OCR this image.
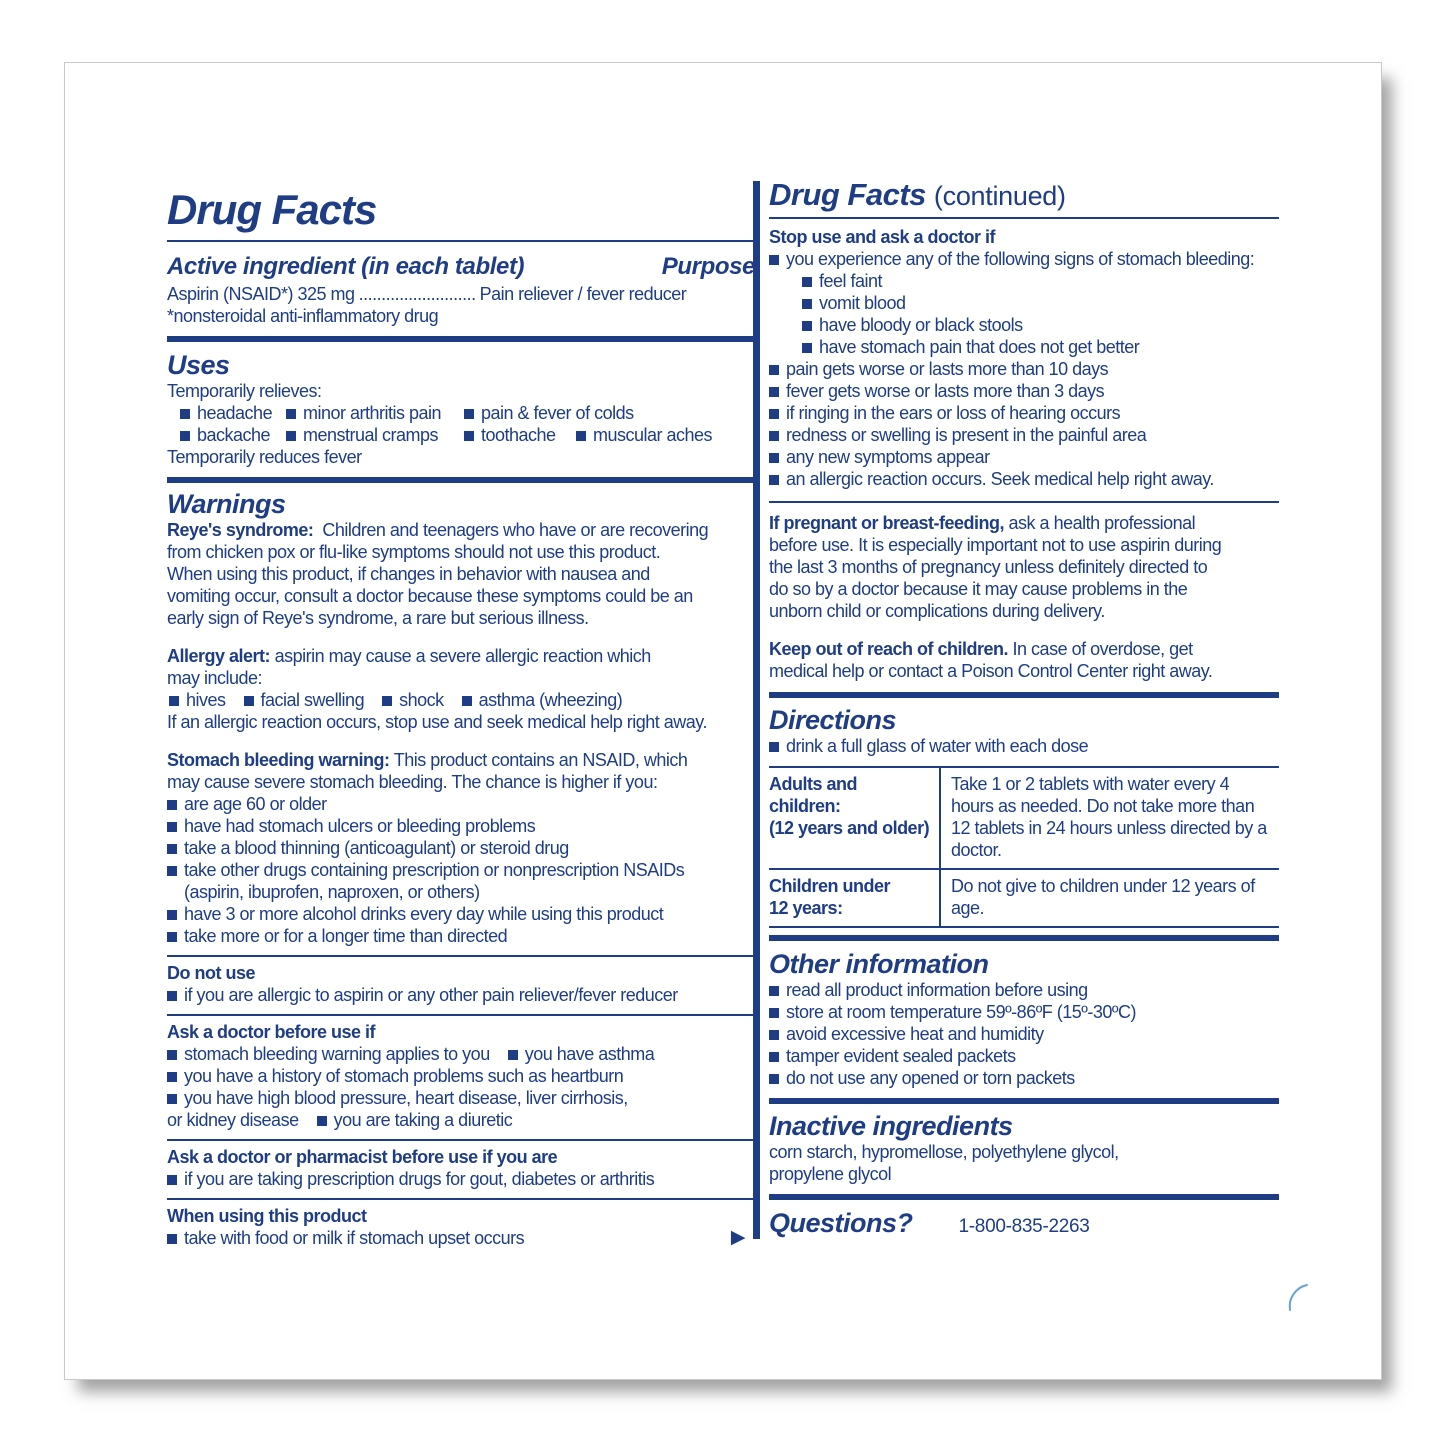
Drug Facts
Active ingredient (in each tablet)	Purpose
Aspirin (NSAID*) 325 mg .......................... Pain reliever / fever reducer
*nonsteroidal anti-inflammatory drug
Uses
Temporarily relieves:
headache	minor arthritis pain	pain & fever of colds
backache	menstrual cramps	toothache	muscular aches
Temporarily reduces fever
Warnings
Reye's syndrome: Children and teenagers who have or are recovering
from chicken pox or flu-like symptoms should not use this product.
When using this product, if changes in behavior with nausea and
vomiting occur, consult a doctor because these symptoms could be an
early sign of Reye's syndrome, a rare but serious illness.
Allergy alert: aspirin may cause a severe allergic reaction which
may include:
hives	facial swelling	shock	asthma (wheezing)
If an allergic reaction occurs, stop use and seek medical help right away.
Stomach bleeding warning: This product contains an NSAID, which
may cause severe stomach bleeding. The chance is higher if you:
are age 60 or older
have had stomach ulcers or bleeding problems
take a blood thinning (anticoagulant) or steroid drug
take other drugs containing prescription or nonprescription NSAIDs
(aspirin, ibuprofen, naproxen, or others)
have 3 or more alcohol drinks every day while using this product
take more or for a longer time than directed
Do not use
if you are allergic to aspirin or any other pain reliever/fever reducer
Ask a doctor before use if
stomach bleeding warning applies to you you have asthma
you have a history of stomach problems such as heartburn
you have high blood pressure, heart disease, liver cirrhosis,
or kidney disease you are taking a diuretic
Ask a doctor or pharmacist before use if you are
if you are taking prescription drugs for gout, diabetes or arthritis
When using this product
take with food or milk if stomach upset occurs	▶
Drug Facts (continued)
Stop use and ask a doctor if
you experience any of the following signs of stomach bleeding:
feel faint
vomit blood
have bloody or black stools
have stomach pain that does not get better
pain gets worse or lasts more than 10 days
fever gets worse or lasts more than 3 days
if ringing in the ears or loss of hearing occurs
redness or swelling is present in the painful area
any new symptoms appear
an allergic reaction occurs. Seek medical help right away.
If pregnant or breast-feeding, ask a health professional
before use. It is especially important not to use aspirin during
the last 3 months of pregnancy unless definitely directed to
do so by a doctor because it may cause problems in the
unborn child or complications during delivery.
Keep out of reach of children. In case of overdose, get
medical help or contact a Poison Control Center right away.
Directions
drink a full glass of water with each dose
Adults and children:
(12 years and older)	Take 1 or 2 tablets with water every 4 hours as needed. Do not take more than 12 tablets in 24 hours unless directed by a doctor.

Children under
12 years:	Do not give to children under 12 years of age.
Other information
read all product information before using
store at room temperature 59º-86ºF (15º-30ºC)
avoid excessive heat and humidity
tamper evident sealed packets
do not use any opened or torn packets
Inactive ingredients
corn starch, hypromellose, polyethylene glycol,
propylene glycol
Questions? 1-800-835-2263
